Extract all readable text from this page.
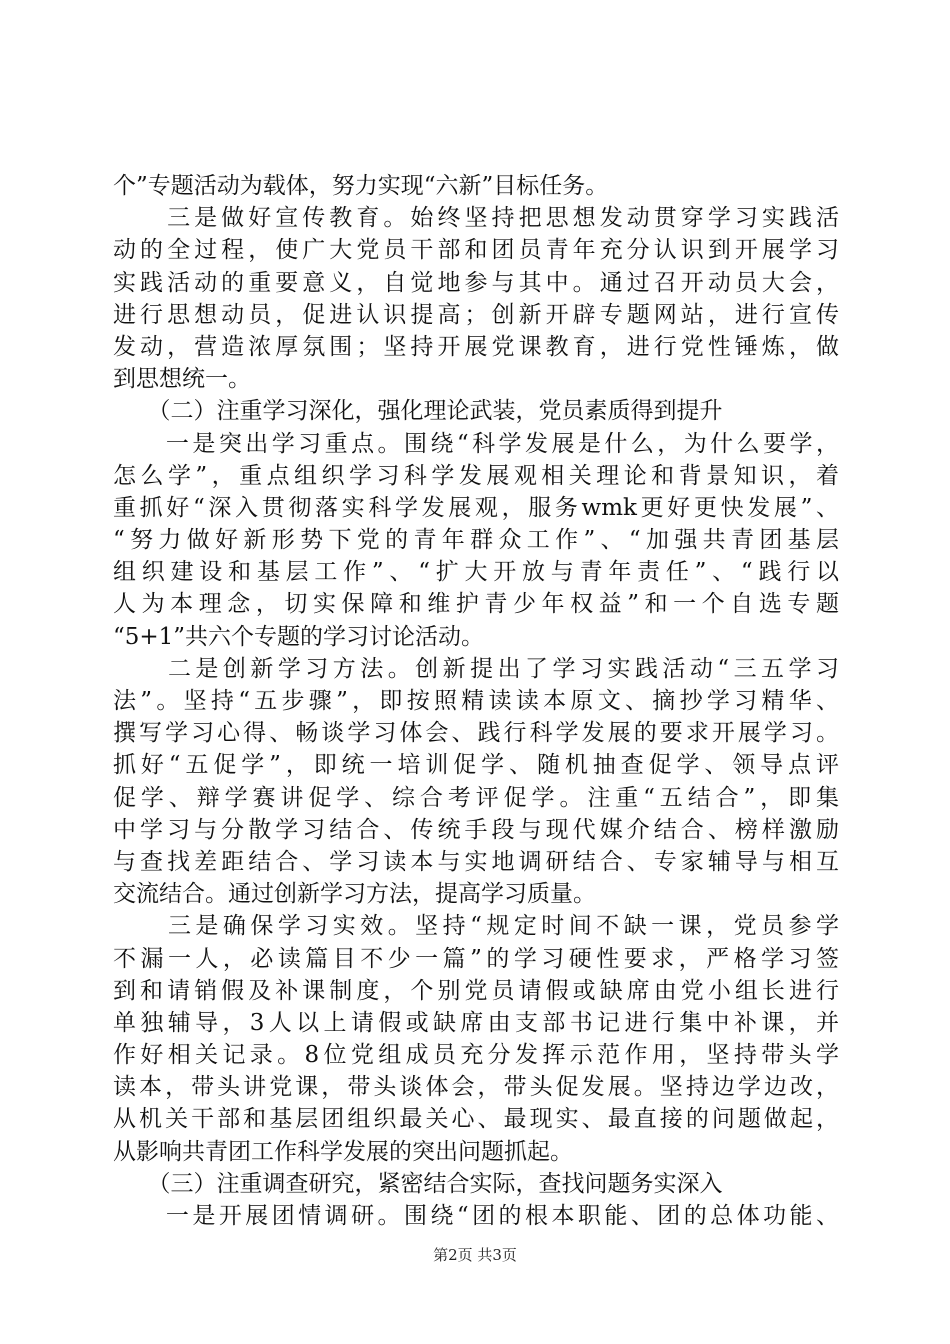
个”专题活动为载体，努力实现“六新”目标任务。
　　三是做好宣传教育。始终坚持把思想发动贯穿学习实践活
动的全过程，使广大党员干部和团员青年充分认识到开展学习
实践活动的重要意义，自觉地参与其中。通过召开动员大会，
进行思想动员，促进认识提高；创新开辟专题网站，进行宣传
发动，营造浓厚氛围；坚持开展党课教育，进行党性锤炼，做
到思想统一。
　　（二）注重学习深化，强化理论武装，党员素质得到提升
　　一是突出学习重点。围绕“科学发展是什么，为什么要学，
怎么学”，重点组织学习科学发展观相关理论和背景知识，着
重抓好“深入贯彻落实科学发展观，服务wmk更好更快发展”、
“努力做好新形势下党的青年群众工作”、“加强共青团基层
组织建设和基层工作”、“扩大开放与青年责任”、“践行以
人为本理念，切实保障和维护青少年权益”和一个自选专题
“5+1”共六个专题的学习讨论活动。
　　二是创新学习方法。创新提出了学习实践活动“三五学习
法”。坚持“五步骤”，即按照精读读本原文、摘抄学习精华、
撰写学习心得、畅谈学习体会、践行科学发展的要求开展学习。
抓好“五促学”，即统一培训促学、随机抽查促学、领导点评
促学、辩学赛讲促学、综合考评促学。注重“五结合”，即集
中学习与分散学习结合、传统手段与现代媒介结合、榜样激励
与查找差距结合、学习读本与实地调研结合、专家辅导与相互
交流结合。通过创新学习方法，提高学习质量。
　　三是确保学习实效。坚持“规定时间不缺一课，党员参学
不漏一人，必读篇目不少一篇”的学习硬性要求，严格学习签
到和请销假及补课制度，个别党员请假或缺席由党小组长进行
单独辅导，3人以上请假或缺席由支部书记进行集中补课，并
作好相关记录。8位党组成员充分发挥示范作用，坚持带头学
读本，带头讲党课，带头谈体会，带头促发展。坚持边学边改，
从机关干部和基层团组织最关心、最现实、最直接的问题做起，
从影响共青团工作科学发展的突出问题抓起。
　　（三）注重调查研究，紧密结合实际，查找问题务实深入
　　一是开展团情调研。围绕“团的根本职能、团的总体功能、
第2页 共3页
